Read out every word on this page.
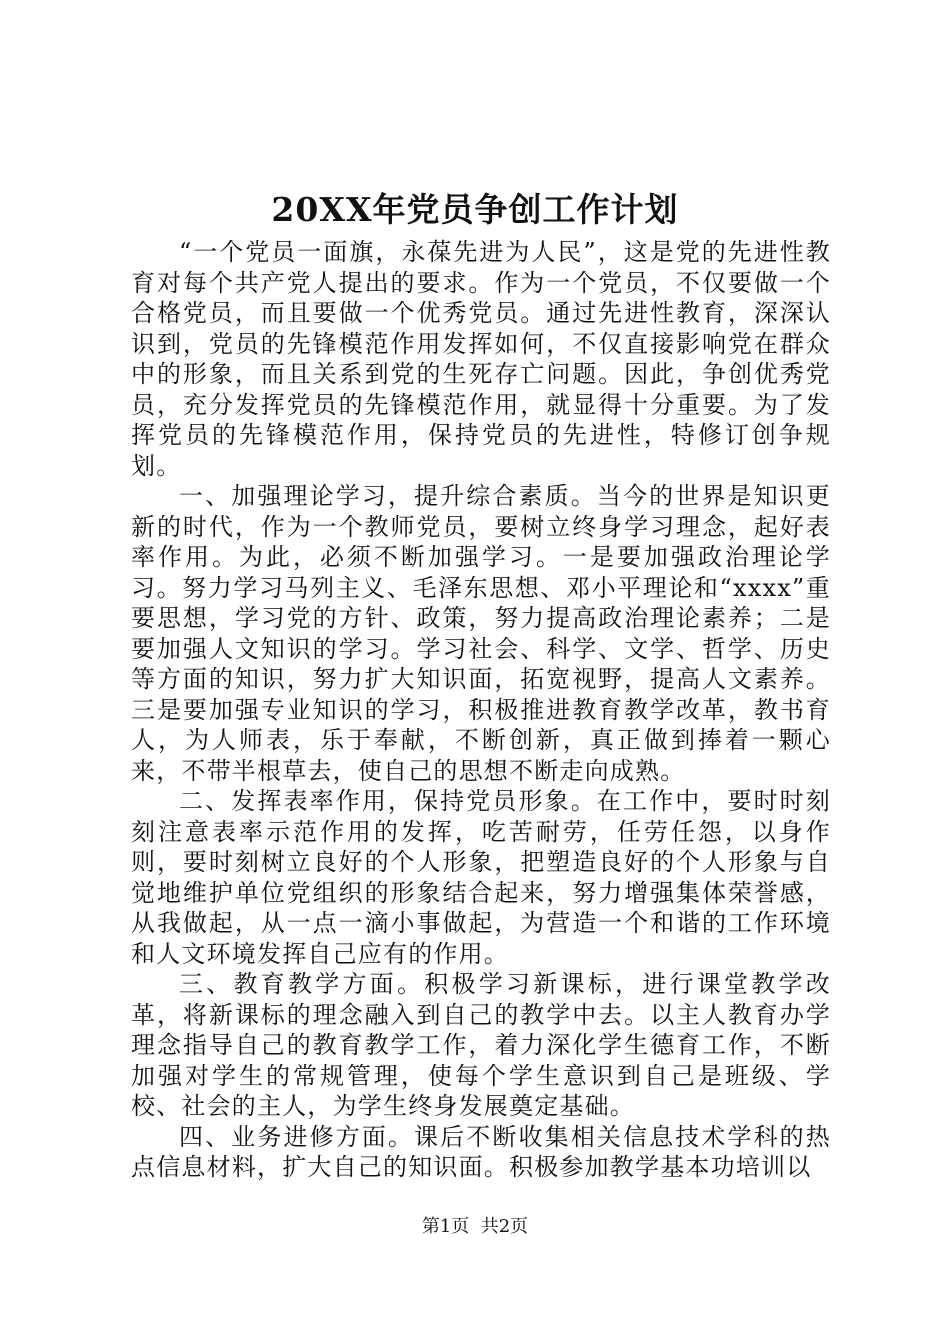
20XX年党员争创工作计划

“一个党员一面旗，永葆先进为人民”，这是党的先进性教育对每个共产党人提出的要求。作为一个党员，不仅要做一个合格党员，而且要做一个优秀党员。通过先进性教育，深深认识到，党员的先锋模范作用发挥如何，不仅直接影响党在群众中的形象，而且关系到党的生死存亡问题。因此，争创优秀党员，充分发挥党员的先锋模范作用，就显得十分重要。为了发挥党员的先锋模范作用，保持党员的先进性，特修订创争规划。

一、加强理论学习，提升综合素质。当今的世界是知识更新的时代，作为一个教师党员，要树立终身学习理念，起好表率作用。为此，必须不断加强学习。一是要加强政治理论学习。努力学习马列主义、毛泽东思想、邓小平理论和“xxxx”重要思想，学习党的方针、政策，努力提高政治理论素养；二是要加强人文知识的学习。学习社会、科学、文学、哲学、历史等方面的知识，努力扩大知识面，拓宽视野，提高人文素养。三是要加强专业知识的学习，积极推进教育教学改革，教书育人，为人师表，乐于奉献，不断创新，真正做到捧着一颗心来，不带半根草去，使自己的思想不断走向成熟。

二、发挥表率作用，保持党员形象。在工作中，要时时刻刻注意表率示范作用的发挥，吃苦耐劳，任劳任怨，以身作则，要时刻树立良好的个人形象，把塑造良好的个人形象与自觉地维护单位党组织的形象结合起来，努力增强集体荣誉感，从我做起，从一点一滴小事做起，为营造一个和谐的工作环境和人文环境发挥自己应有的作用。

三、教育教学方面。积极学习新课标，进行课堂教学改革，将新课标的理念融入到自己的教学中去。以主人教育办学理念指导自己的教育教学工作，着力深化学生德育工作，不断加强对学生的常规管理，使每个学生意识到自己是班级、学校、社会的主人，为学生终身发展奠定基础。

四、业务进修方面。课后不断收集相关信息技术学科的热点信息材料，扩大自己的知识面。积极参加教学基本功培训以

第1页  共2页
